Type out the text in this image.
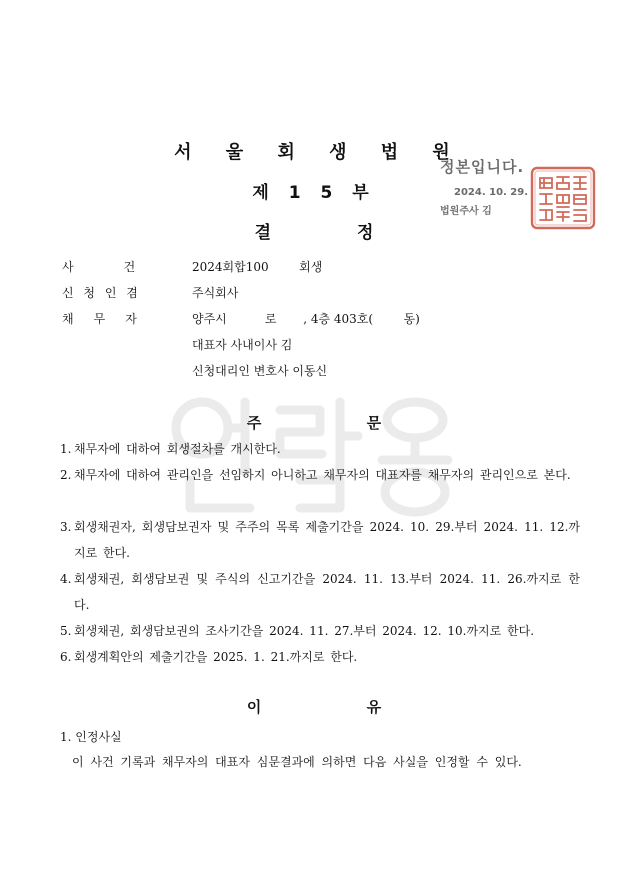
서 울 회 생 법 원
제 1 5 부
결 정
정본입니다.
2024. 10. 29.
법원주사 김
사	건	2024회합100        회생
신 청 인 겸	주식회사
채 무 자	양주시          로       , 4층 403호(        동)
대표자 사내이사 김
신청대리인 변호사 이동신
주 문
1. 채무자에 대하여 회생절차를 개시한다.
2. 채무자에 대하여 관리인을 선임하지 아니하고 채무자의 대표자를 채무자의 관리인으로 본다.
3. 회생채권자, 회생담보권자 및 주주의 목록 제출기간을 2024. 10. 29.부터 2024. 11. 12.까지로 한다.
4. 회생채권, 회생담보권 및 주식의 신고기간을 2024. 11. 13.부터 2024. 11. 26.까지로 한다.
5. 회생채권, 회생담보권의 조사기간을 2024. 11. 27.부터 2024. 12. 10.까지로 한다.
6. 회생계획안의 제출기간을 2025. 1. 21.까지로 한다.
이 유
1. 인정사실
이 사건 기록과 채무자의 대표자 심문결과에 의하면 다음 사실을 인정할 수 있다.
